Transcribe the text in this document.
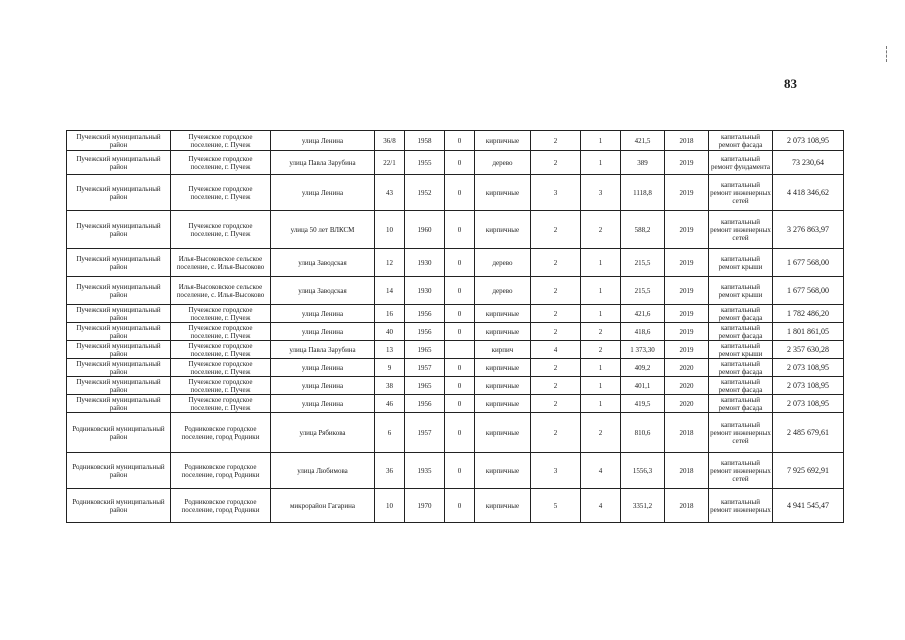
83
Пучежский муниципальный район	Пучежское городское поселение, г. Пучеж	улица Ленина	36/8	1958	0	кирпичные	2	1	421,5	2018	капитальный ремонт фасада	2 073 108,95
Пучежский муниципальный район	Пучежское городское поселение, г. Пучеж	улица Павла Зарубина	22/1	1955	0	дерево	2	1	389	2019	капитальный ремонт фундамента	73 230,64
Пучежский муниципальный район	Пучежское городское поселение, г. Пучеж	улица Ленина	43	1952	0	кирпичные	3	3	1118,8	2019	капитальный ремонт инженерных сетей	4 418 346,62
Пучежский муниципальный район	Пучежское городское поселение, г. Пучеж	улица 50 лет ВЛКСМ	10	1960	0	кирпичные	2	2	588,2	2019	капитальный ремонт инженерных сетей	3 276 863,97
Пучежский муниципальный район	Илья-Высоковское сельское поселение, с. Илья-Высоково	улица Заводская	12	1930	0	дерево	2	1	215,5	2019	капитальный ремонт крыши	1 677 568,00
Пучежский муниципальный район	Илья-Высоковское сельское поселение, с. Илья-Высоково	улица Заводская	14	1930	0	дерево	2	1	215,5	2019	капитальный ремонт крыши	1 677 568,00
Пучежский муниципальный район	Пучежское городское поселение, г. Пучеж	улица Ленина	16	1956	0	кирпичные	2	1	421,6	2019	капитальный ремонт фасада	1 782 486,20
Пучежский муниципальный район	Пучежское городское поселение, г. Пучеж	улица Ленина	40	1956	0	кирпичные	2	2	418,6	2019	капитальный ремонт фасада	1 801 861,05
Пучежский муниципальный район	Пучежское городское поселение, г. Пучеж	улица Павла Зарубина	13	1965		кирпич	4	2	1 373,30	2019	капитальный ремонт крыши	2 357 630,28
Пучежский муниципальный район	Пучежское городское поселение, г. Пучеж	улица Ленина	9	1957	0	кирпичные	2	1	409,2	2020	капитальный ремонт фасада	2 073 108,95
Пучежский муниципальный район	Пучежское городское поселение, г. Пучеж	улица Ленина	38	1965	0	кирпичные	2	1	401,1	2020	капитальный ремонт фасада	2 073 108,95
Пучежский муниципальный район	Пучежское городское поселение, г. Пучеж	улица Ленина	46	1956	0	кирпичные	2	1	419,5	2020	капитальный ремонт фасада	2 073 108,95
Родниковский муниципальный район	Родниковское городское поселение, город Родники	улица Рябикова	6	1957	0	кирпичные	2	2	810,6	2018	капитальный ремонт инженерных сетей	2 485 679,61
Родниковский муниципальный район	Родниковское городское поселение, город Родники	улица Любимова	36	1935	0	кирпичные	3	4	1556,3	2018	капитальный ремонт инженерных сетей	7 925 692,91
Родниковский муниципальный район	Родниковское городское поселение, город Родники	микрорайон Гагарина	10	1970	0	кирпичные	5	4	3351,2	2018	капитальный ремонт инженерных	4 941 545,47
